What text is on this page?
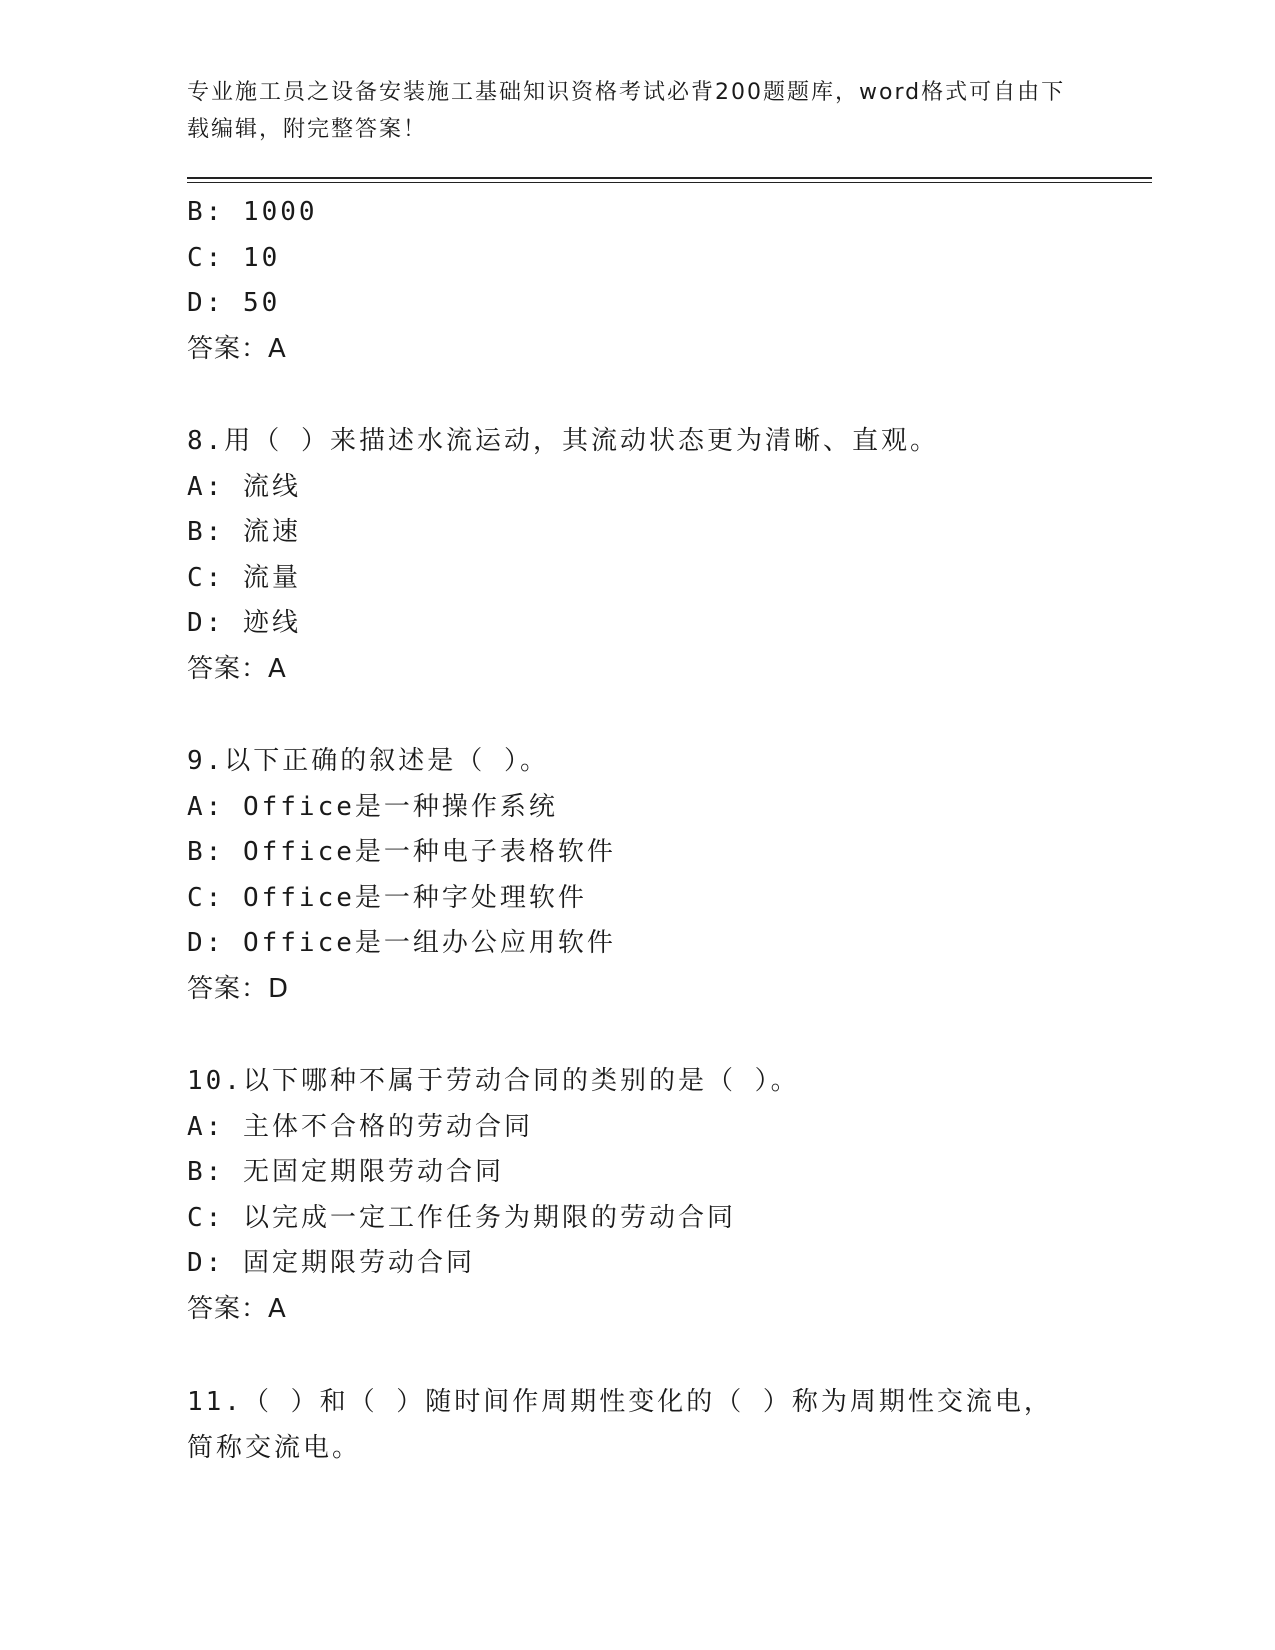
专业施工员之设备安装施工基础知识资格考试必背200题题库，word格式可自由下载编辑，附完整答案！
B: 1000
C: 10
D: 50
答案：A
8.用（ ）来描述水流运动，其流动状态更为清晰、直观。
A: 流线
B: 流速
C: 流量
D: 迹线
答案：A
9.以下正确的叙述是（ ）。
A: Office是一种操作系统
B: Office是一种电子表格软件
C: Office是一种字处理软件
D: Office是一组办公应用软件
答案：D
10.以下哪种不属于劳动合同的类别的是（ ）。
A: 主体不合格的劳动合同
B: 无固定期限劳动合同
C: 以完成一定工作任务为期限的劳动合同
D: 固定期限劳动合同
答案：A
11.（ ）和（ ）随时间作周期性变化的（ ）称为周期性交流电，简称交流电。
